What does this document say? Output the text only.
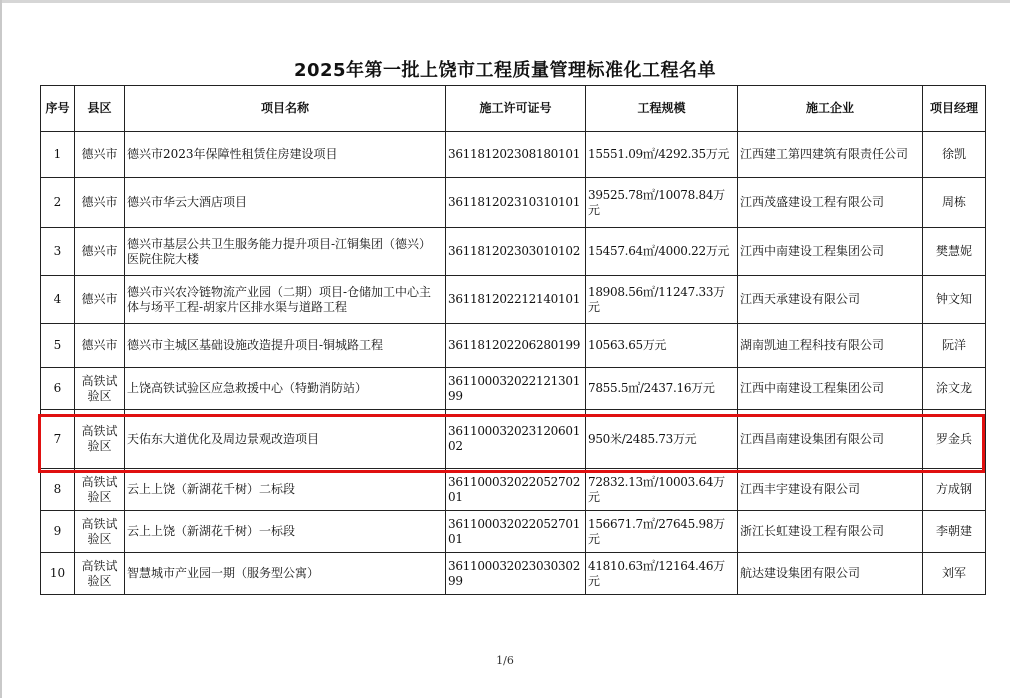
2025年第一批上饶市工程质量管理标准化工程名单
序号	县区	项目名称	施工许可证号	工程规模	施工企业	项目经理
1	德兴市	德兴市2023年保障性租赁住房建设项目	361181202308180101	15551.09㎡/4292.35万元	江西建工第四建筑有限责任公司	徐凯
2	德兴市	德兴市华云大酒店项目	361181202310310101	39525.78㎡/10078.84万元	江西茂盛建设工程有限公司	周栋
3	德兴市	德兴市基层公共卫生服务能力提升项目-江铜集团（德兴）医院住院大楼	361181202303010102	15457.64㎡/4000.22万元	江西中南建设工程集团公司	樊慧妮
4	德兴市	德兴市兴农冷链物流产业园（二期）项目-仓储加工中心主体与场平工程-胡家片区排水渠与道路工程	361181202212140101	18908.56㎡/11247.33万元	江西天承建设有限公司	钟文知
5	德兴市	德兴市主城区基础设施改造提升项目-铜城路工程	361181202206280199	10563.65万元	湖南凯迪工程科技有限公司	阮洋
6	高铁试验区	上饶高铁试验区应急救援中心（特勤消防站）	361100032022121301​99	7855.5㎡/2437.16万元	江西中南建设工程集团公司	涂文龙
7	高铁试验区	天佑东大道优化及周边景观改造项目	361100032023120601​02	950米/2485.73万元	江西昌南建设集团有限公司	罗金兵
8	高铁试验区	云上上饶（新湖花千树）二标段	361100032022052702​01	72832.13㎡/10003.64万元	江西丰宇建设有限公司	方成钢
9	高铁试验区	云上上饶（新湖花千树）一标段	361100032022052701​01	156671.7㎡/27645.98万元	浙江长虹建设工程有限公司	李朝建
10	高铁试验区	智慧城市产业园一期（服务型公寓）	361100032023030302​99	41810.63㎡/12164.46万元	航达建设集团有限公司	刘军
1/6
